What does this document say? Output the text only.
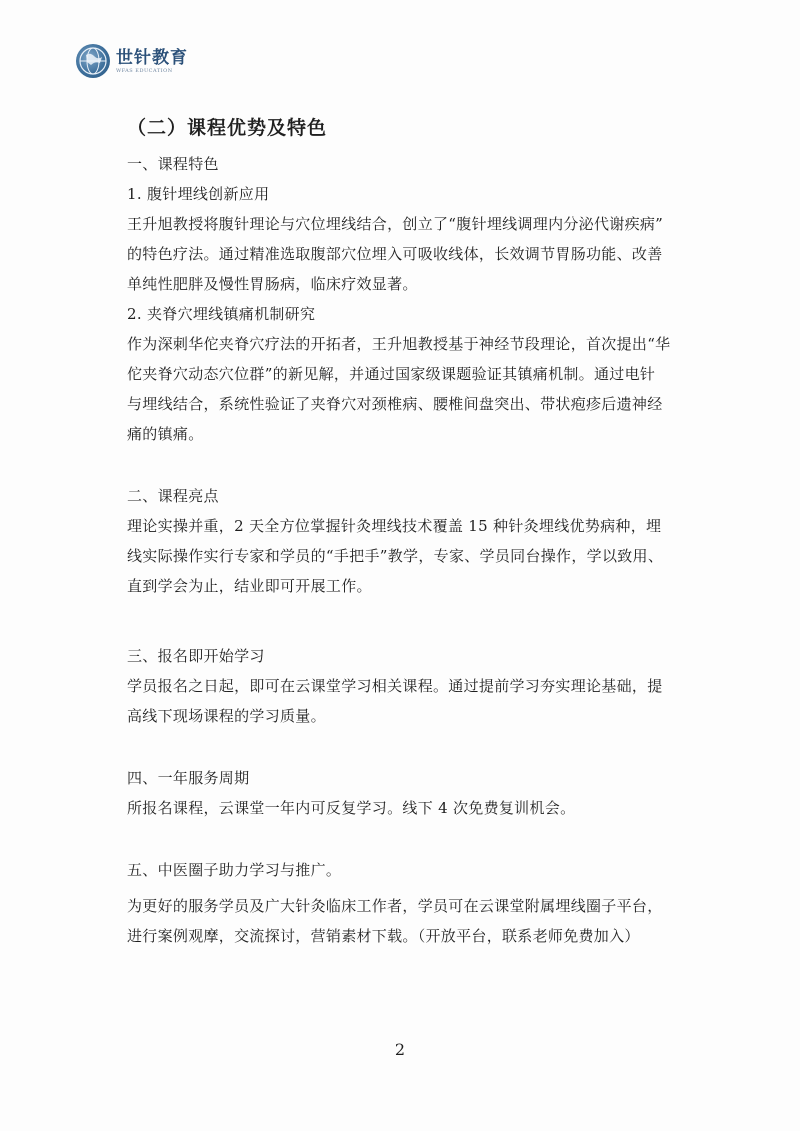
世针教育
WFAS EDUCATION
（二）课程优势及特色
一、课程特色
1. 腹针埋线创新应用
王升旭教授将腹针理论与穴位埋线结合，创立了“腹针埋线调理内分泌代谢疾病”
的特色疗法。通过精准选取腹部穴位埋入可吸收线体，长效调节胃肠功能、改善
单纯性肥胖及慢性胃肠病，临床疗效显著。
2. 夹脊穴埋线镇痛机制研究
作为深刺华佗夹脊穴疗法的开拓者，王升旭教授基于神经节段理论，首次提出“华
佗夹脊穴动态穴位群”的新见解，并通过国家级课题验证其镇痛机制。通过电针
与埋线结合，系统性验证了夹脊穴对颈椎病、腰椎间盘突出、带状疱疹后遗神经
痛的镇痛。
二、课程亮点
理论实操并重，2 天全方位掌握针灸埋线技术覆盖 15 种针灸埋线优势病种，埋
线实际操作实行专家和学员的“手把手”教学，专家、学员同台操作，学以致用、
直到学会为止，结业即可开展工作。
三、报名即开始学习
学员报名之日起，即可在云课堂学习相关课程。通过提前学习夯实理论基础，提
高线下现场课程的学习质量。
四、一年服务周期
所报名课程，云课堂一年内可反复学习。线下 4 次免费复训机会。
五、中医圈子助力学习与推广。
为更好的服务学员及广大针灸临床工作者，学员可在云课堂附属埋线圈子平台，
进行案例观摩，交流探讨，营销素材下载。（开放平台，联系老师免费加入）
2
